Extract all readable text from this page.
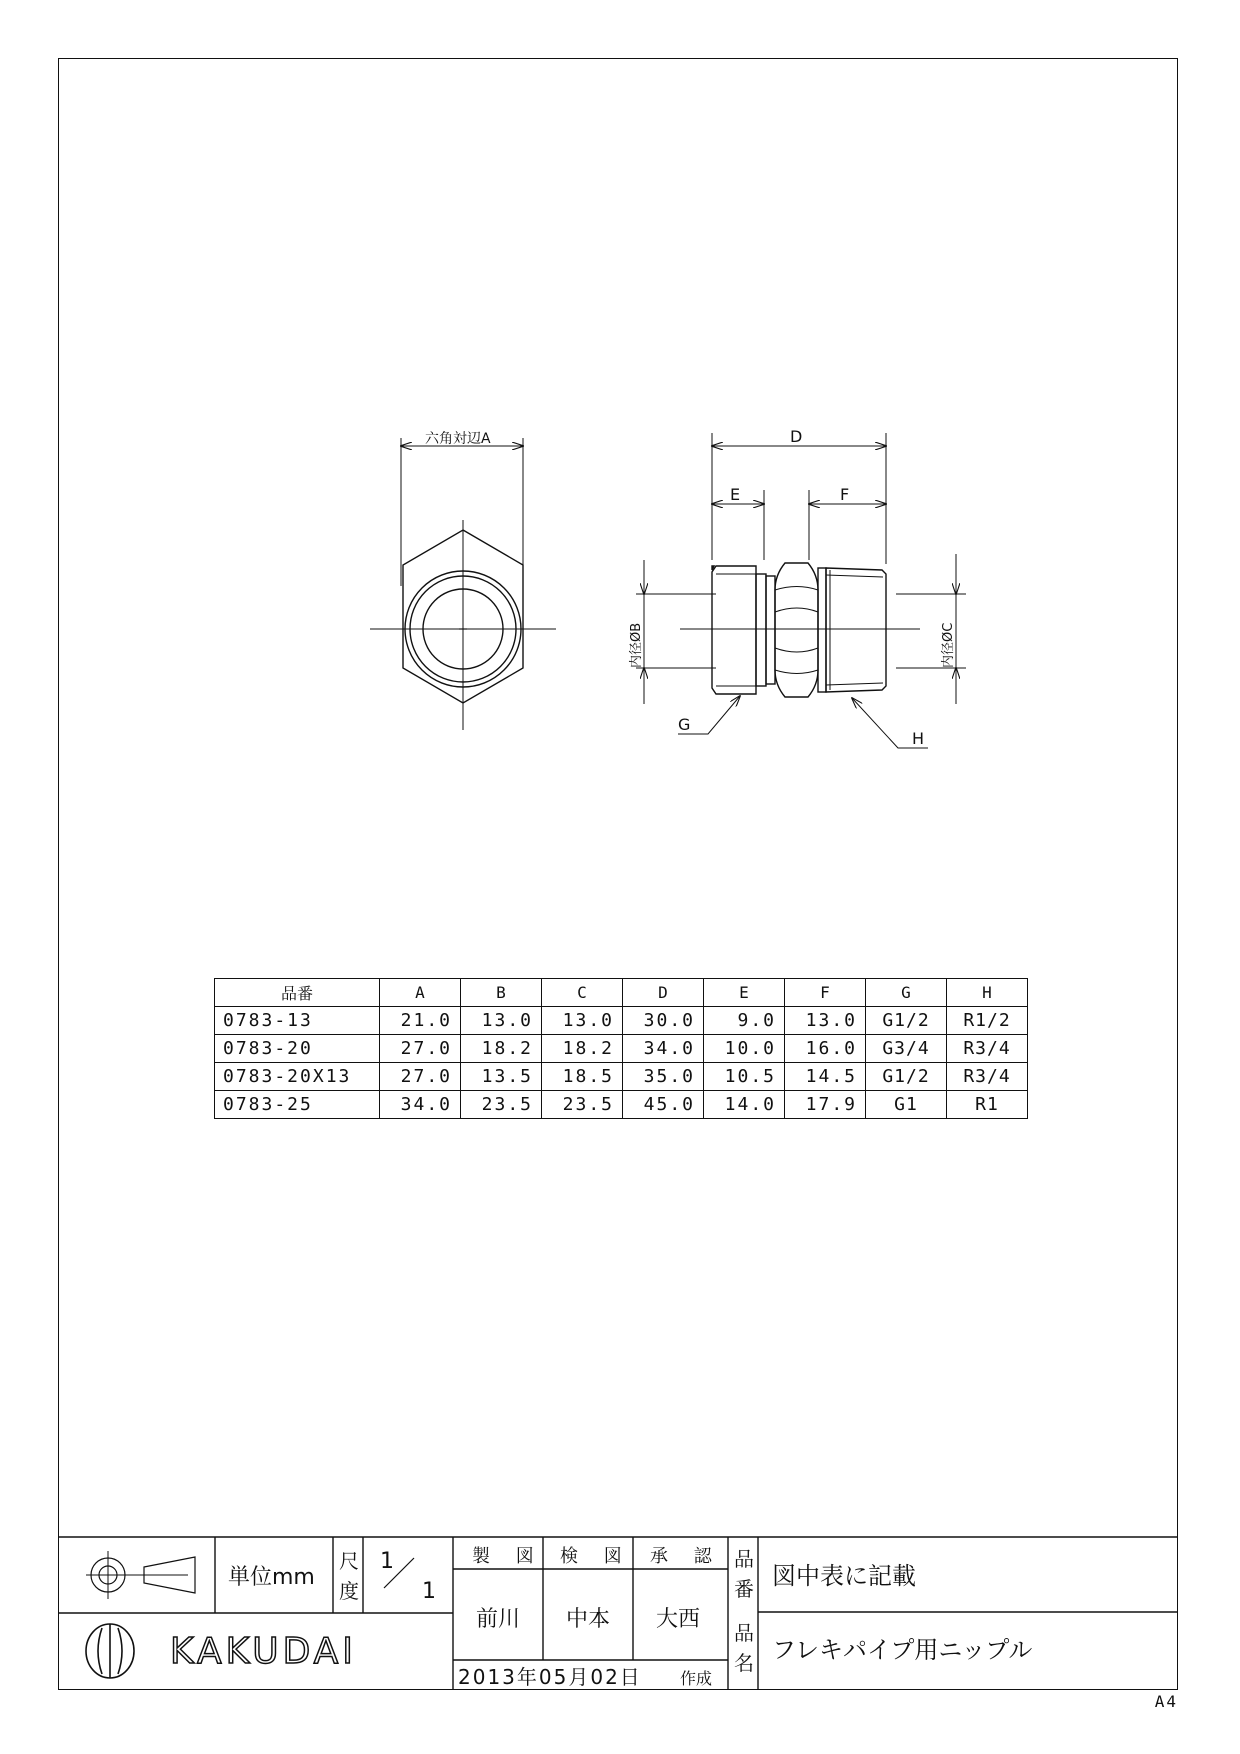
六角対辺A	D
E	F
G
H
内径ØB	内径ØC
品番	A	B	C	D	E	F	G	H
0783-13	21.0	13.0	13.0	30.0	9.0	13.0	G1/2	R1/2
0783-20	27.0	18.2	18.2	34.0	10.0	16.0	G3/4	R3/4
0783-20X13	27.0	13.5	18.5	35.0	10.5	14.5	G1/2	R3/4
0783-25	34.0	23.5	23.5	45.0	14.0	17.9	G1	R1
KAKUDAI
単位mm
尺
度
1
1
製 図 検 図 承 認
前川 中本 大西
2013年05月02日 作成
品
番 図中表に記載
品
名 フレキパイプ用ニップル
A4
